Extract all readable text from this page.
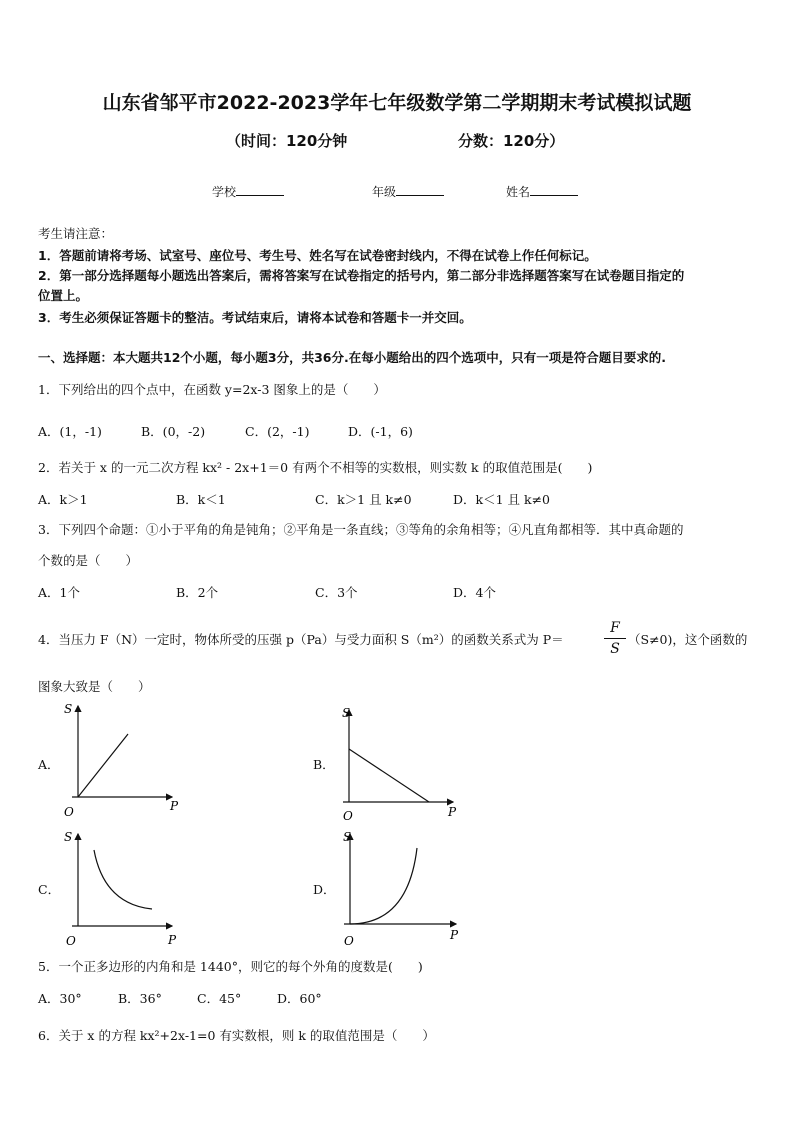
山东省邹平市2022-2023学年七年级数学第二学期期末考试模拟试题
（时间：120分钟	分数：120分）
学校	年级	姓名
考生请注意：
1．答题前请将考场、试室号、座位号、考生号、姓名写在试卷密封线内，不得在试卷上作任何标记。
2．第一部分选择题每小题选出答案后，需将答案写在试卷指定的括号内，第二部分非选择题答案写在试卷题目指定的
位置上。
3．考生必须保证答题卡的整洁。考试结束后，请将本试卷和答题卡一并交回。
一、选择题：本大题共12个小题，每小题3分，共36分.在每小题给出的四个选项中，只有一项是符合题目要求的.
1．下列给出的四个点中，在函数 y=2x-3 图象上的是（　　）
A．(1，-1)	B．(0，-2)	C．(2，-1)	D．(-1，6)
2．若关于 x 的一元二次方程 kx² - 2x+1＝0 有两个不相等的实数根，则实数 k 的取值范围是(　　)
A．k＞1	B．k＜1	C．k＞1 且 k≠0	D．k＜1 且 k≠0
3．下列四个命题：①小于平角的角是钝角；②平角是一条直线；③等角的余角相等；④凡直角都相等．其中真命题的
个数的是（　　）
A．1个	B．2个	C．3个	D．4个
4．当压力 F（N）一定时，物体所受的压强 p（Pa）与受力面积 S（m²）的函数关系式为 P＝
F
S
（S≠0)，这个函数的
图象大致是（　　）
A．
S
O	P
B．
S
O	P
C．
S
O	P
D．
S
O	P
5．一个正多边形的内角和是 1440°，则它的每个外角的度数是(　　)
A．30°	B．36°	C．45°	D．60°
6．关于 x 的方程 kx²+2x-1=0 有实数根，则 k 的取值范围是（　　）
